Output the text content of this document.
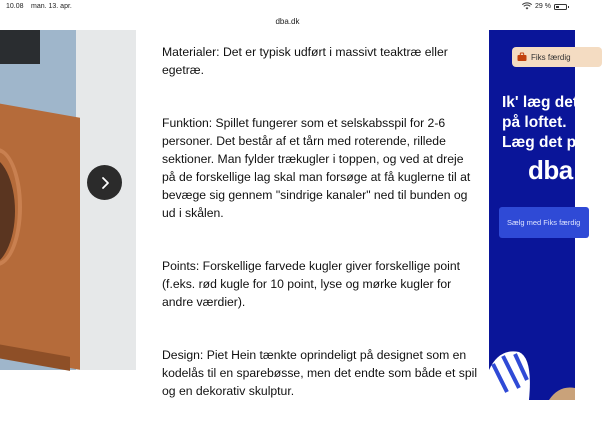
10.08 man. 13. apr.	29 %
dba.dk

Materialer: Det er typisk udført i massivt teaktræ eller egetræ.

Funktion: Spillet fungerer som et selskabsspil for 2-6 personer. Det består af et tårn med roterende, rillede sektioner. Man fylder trækugler i toppen, og ved at dreje på de forskellige lag skal man forsøge at få kuglerne til at bevæge sig gennem "sindrige kanaler" ned til bunden og ud i skålen.

Points: Forskellige farvede kugler giver forskellige point (f.eks. rød kugle for 10 point, lyse og mørke kugler for andre værdier).

Design: Piet Hein tænkte oprindeligt på designet som en kodelås til en sparebøsse, men det endte som både et spil og en dekorativ skulptur.

Fiks færdig
Ik' læg det
på loftet.
Læg det på
dba
Sælg med Fiks færdig
